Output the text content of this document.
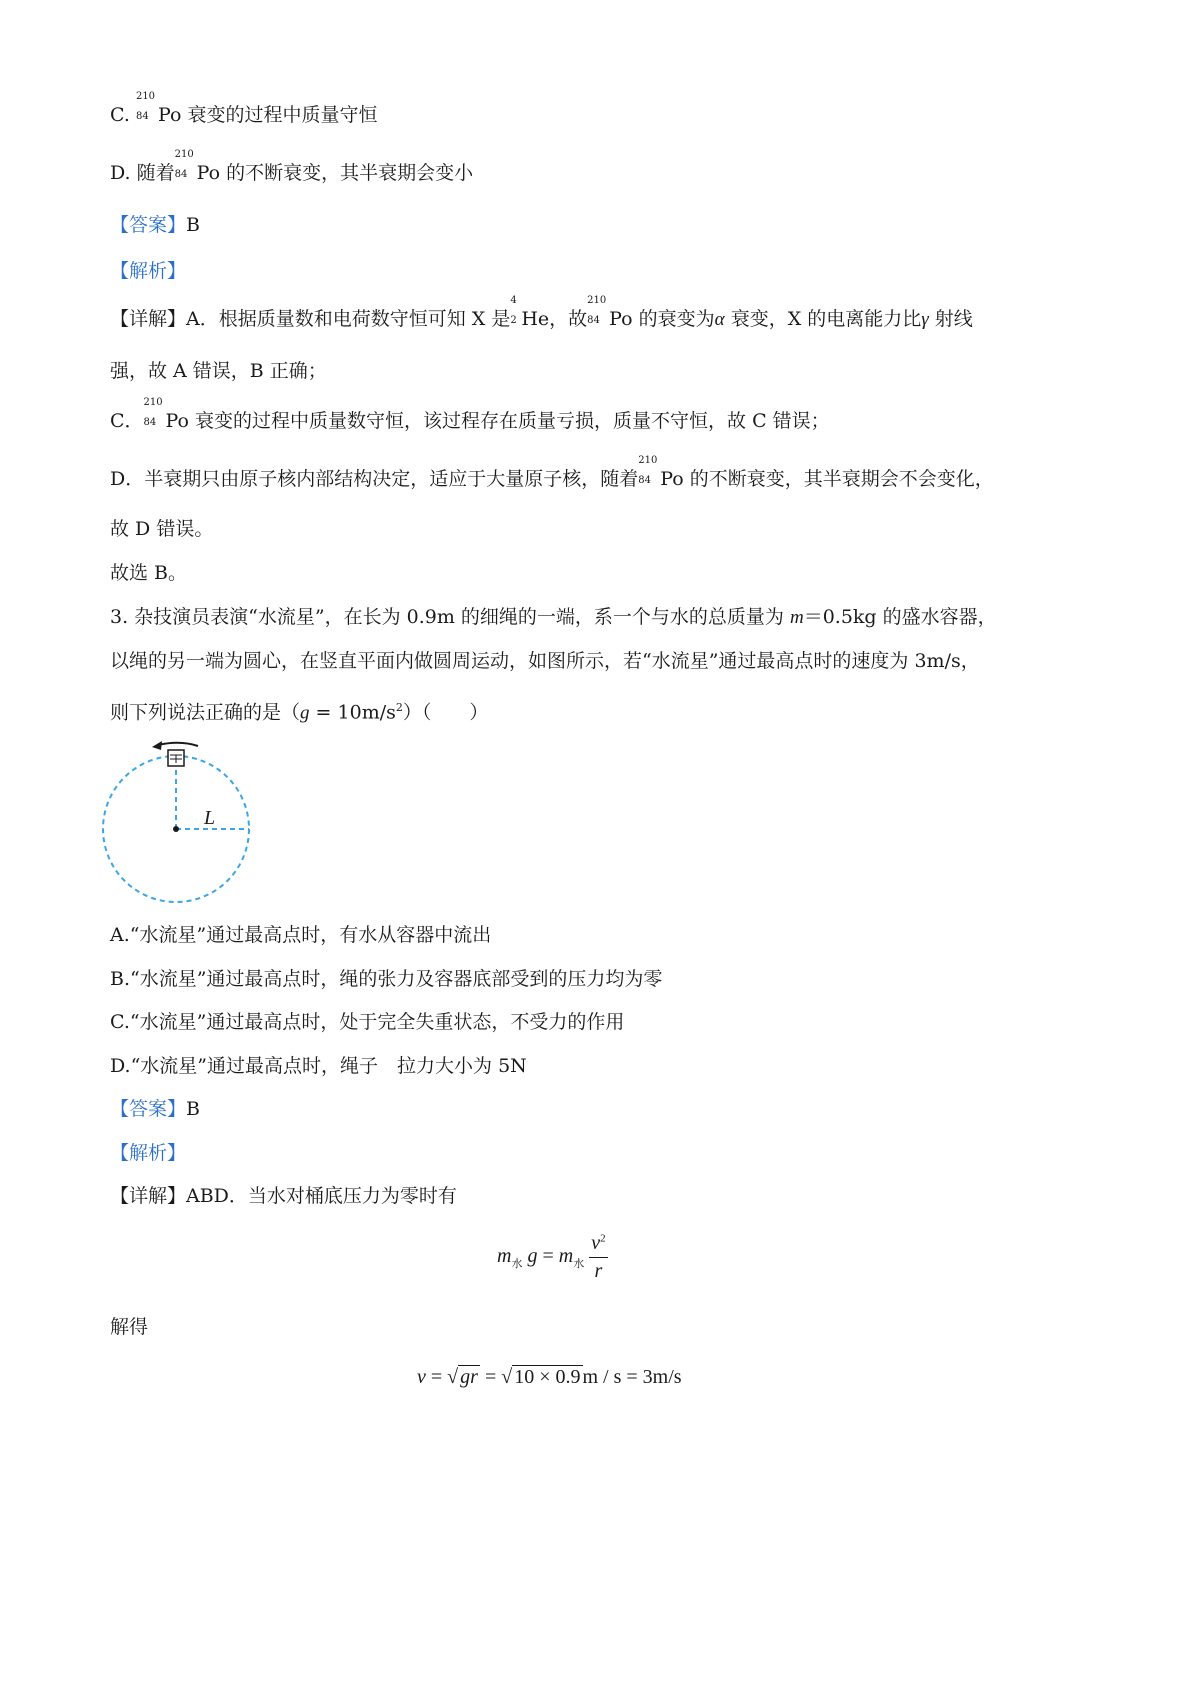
C.
210
84 Po 衰变的过程中质量守恒
D. 随着
210
84 Po 的不断衰变，其半衰期会变小
【答案】B
【解析】
【详解】A．根据质量数和电荷数守恒可知 X 是
4
2 He，故
210
84 Po 的衰变为α 衰变，X 的电离能力比γ 射线
强，故 A 错误，B 正确；
C．
210
84 Po 衰变的过程中质量数守恒，该过程存在质量亏损，质量不守恒，故 C 错误；
D．半衰期只由原子核内部结构决定，适应于大量原子核，随着
210
84 Po 的不断衰变，其半衰期会不会变化，
故 D 错误。
故选 B。
3. 杂技演员表演“水流星”，在长为 0.9m 的细绳的一端，系一个与水的总质量为 m＝0.5kg 的盛水容器，
以绳的另一端为圆心，在竖直平面内做圆周运动，如图所示，若“水流星”通过最高点时的速度为 3m/s，
则下列说法正确的是$(g = 10m/s^2)$（　　）
L
A.“水流星”通过最高点时，有水从容器中流出
B.“水流星”通过最高点时，绳的张力及容器底部受到的压力均为零
C.“水流星”通过最高点时，处于完全失重状态，不受力的作用
D.“水流星”通过最高点时，绳子　拉力大小为 5N
【答案】B
【解析】
【详解】ABD．当水对桶底压力为零时有
$m_水$ $g = m_水 \frac{v^2}{r}$
解得
v = √ gr = √ 10 × 0.9 m / s = 3m/s
